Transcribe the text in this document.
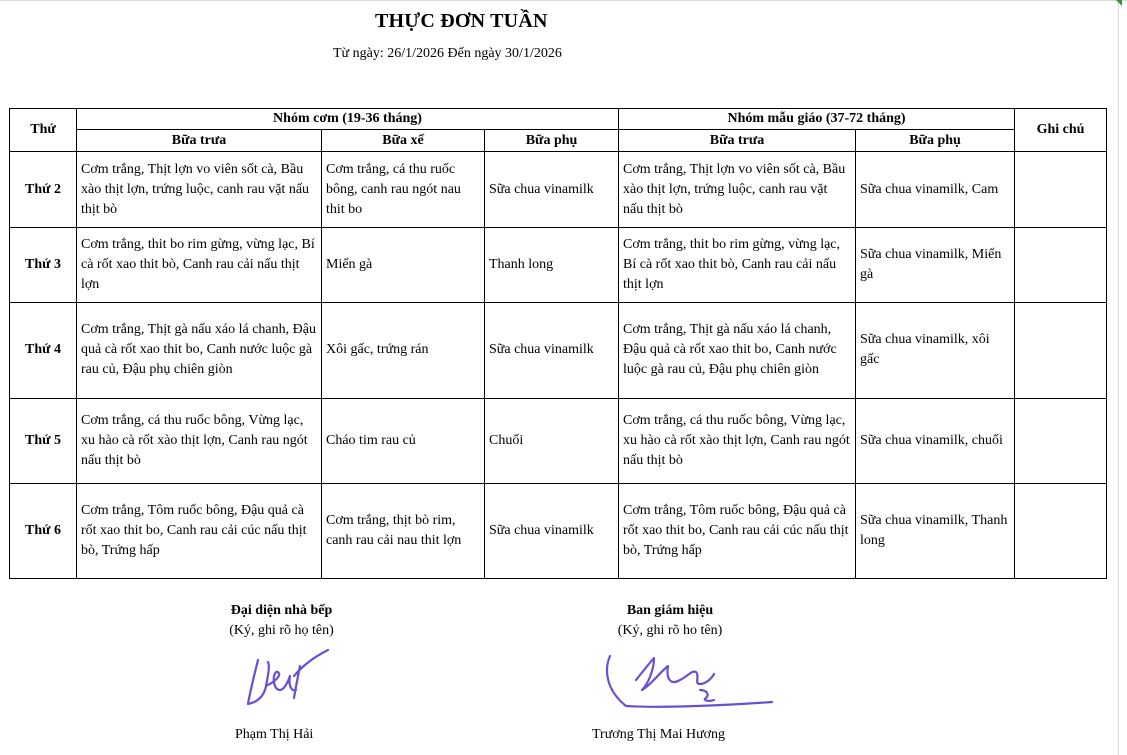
THỰC ĐƠN TUẦN
Từ ngày: 26/1/2026 Đến ngày 30/1/2026
Thứ	Nhóm cơm (19-36 tháng)			Nhóm mẫu giáo (37-72 tháng)		Ghi chú
	Bữa trưa	Bữa xế	Bữa phụ	Bữa trưa	Bữa phụ	
Thứ 2	Cơm trắng, Thịt lợn vo viên sốt cà, Bầu xào thịt lợn, trứng luộc, canh rau vặt nấu thịt bò	Cơm trắng, cá thu ruốc bông, canh rau ngót nau thit bo	Sữa chua vinamilk	Cơm trắng, Thịt lợn vo viên sốt cà, Bầu xào thịt lợn, trứng luộc, canh rau vặt nấu thịt bò	Sữa chua vinamilk, Cam	
Thứ 3	Cơm trắng, thit bo rim gừng, vừng lạc, Bí cà rốt xao thit bò, Canh rau cải nấu thịt lợn	Miến gà	Thanh long	Cơm trắng, thit bo rim gừng, vừng lạc, Bí cà rốt xao thit bò, Canh rau cải nấu thịt lợn	Sữa chua vinamilk, Miến gà	
Thứ 4	Cơm trắng, Thịt gà nấu xáo lá chanh, Đậu quả cà rốt xao thit bo, Canh nước luộc gà rau củ, Đậu phụ chiên giòn	Xôi gấc, trứng rán	Sữa chua vinamilk	Cơm trắng, Thịt gà nấu xáo lá chanh, Đậu quả cà rốt xao thit bo, Canh nước luộc gà rau củ, Đậu phụ chiên giòn	Sữa chua vinamilk, xôi gấc	
Thứ 5	Cơm trắng, cá thu ruốc bông, Vừng lạc, xu hào cà rốt xào thịt lợn, Canh rau ngót nấu thịt bò	Cháo tim rau củ	Chuối	Cơm trắng, cá thu ruốc bông, Vừng lạc, xu hào cà rốt xào thịt lợn, Canh rau ngót nấu thịt bò	Sữa chua vinamilk, chuối	
Thứ 6	Cơm trắng, Tôm ruốc bông, Đậu quả cà rốt xao thit bo, Canh rau cải cúc nấu thịt bò, Trứng hấp	Cơm trắng, thịt bò rim, canh rau cải nau thit lợn	Sữa chua vinamilk	Cơm trắng, Tôm ruốc bông, Đậu quả cà rốt xao thit bo, Canh rau cải cúc nấu thịt bò, Trứng hấp	Sữa chua vinamilk, Thanh long	
Đại diện nhà bếp
(Ký, ghi rõ họ tên)
Ban giám hiệu
(Ký, ghi rõ ho tên)
Phạm Thị Hải	Trương Thị Mai Hương
